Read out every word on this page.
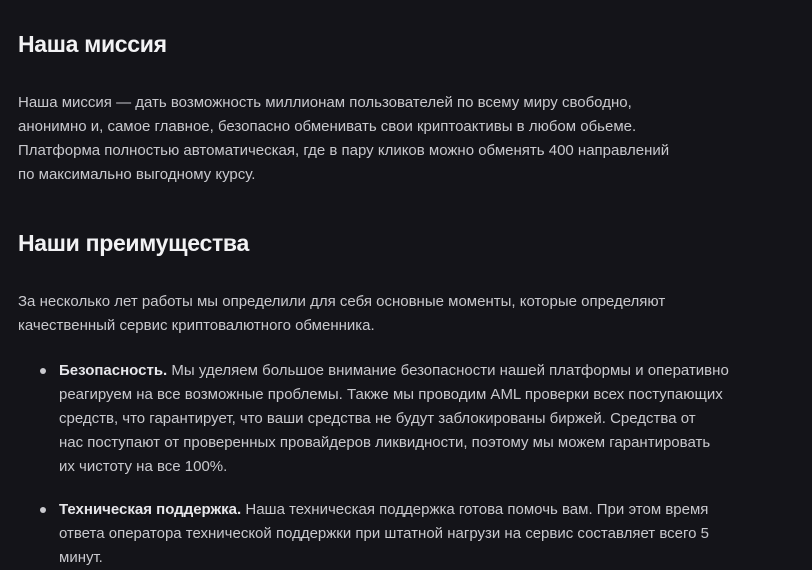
Наша миссия

Наша миссия — дать возможность миллионам пользователей по всему миру свободно,
анонимно и, самое главное, безопасно обменивать свои криптоактивы в любом обьеме.
Платформа полностью автоматическая, где в пару кликов можно обменять 400 направлений
по максимально выгодному курсу.

Наши преимущества

За несколько лет работы мы определили для себя основные моменты, которые определяют
качественный сервис криптовалютного обменника.

Безопасность. Мы уделяем большое внимание безопасности нашей платформы и оперативно
реагируем на все возможные проблемы. Также мы проводим AML проверки всех поступающих
средств, что гарантирует, что ваши средства не будут заблокированы биржей. Средства от
нас поступают от проверенных провайдеров ликвидности, поэтому мы можем гарантировать
их чистоту на все 100%.
Техническая поддержка. Наша техническая поддержка готова помочь вам. При этом время
ответа оператора технической поддержки при штатной нагрузи на сервис составляет всего 5
минут.
